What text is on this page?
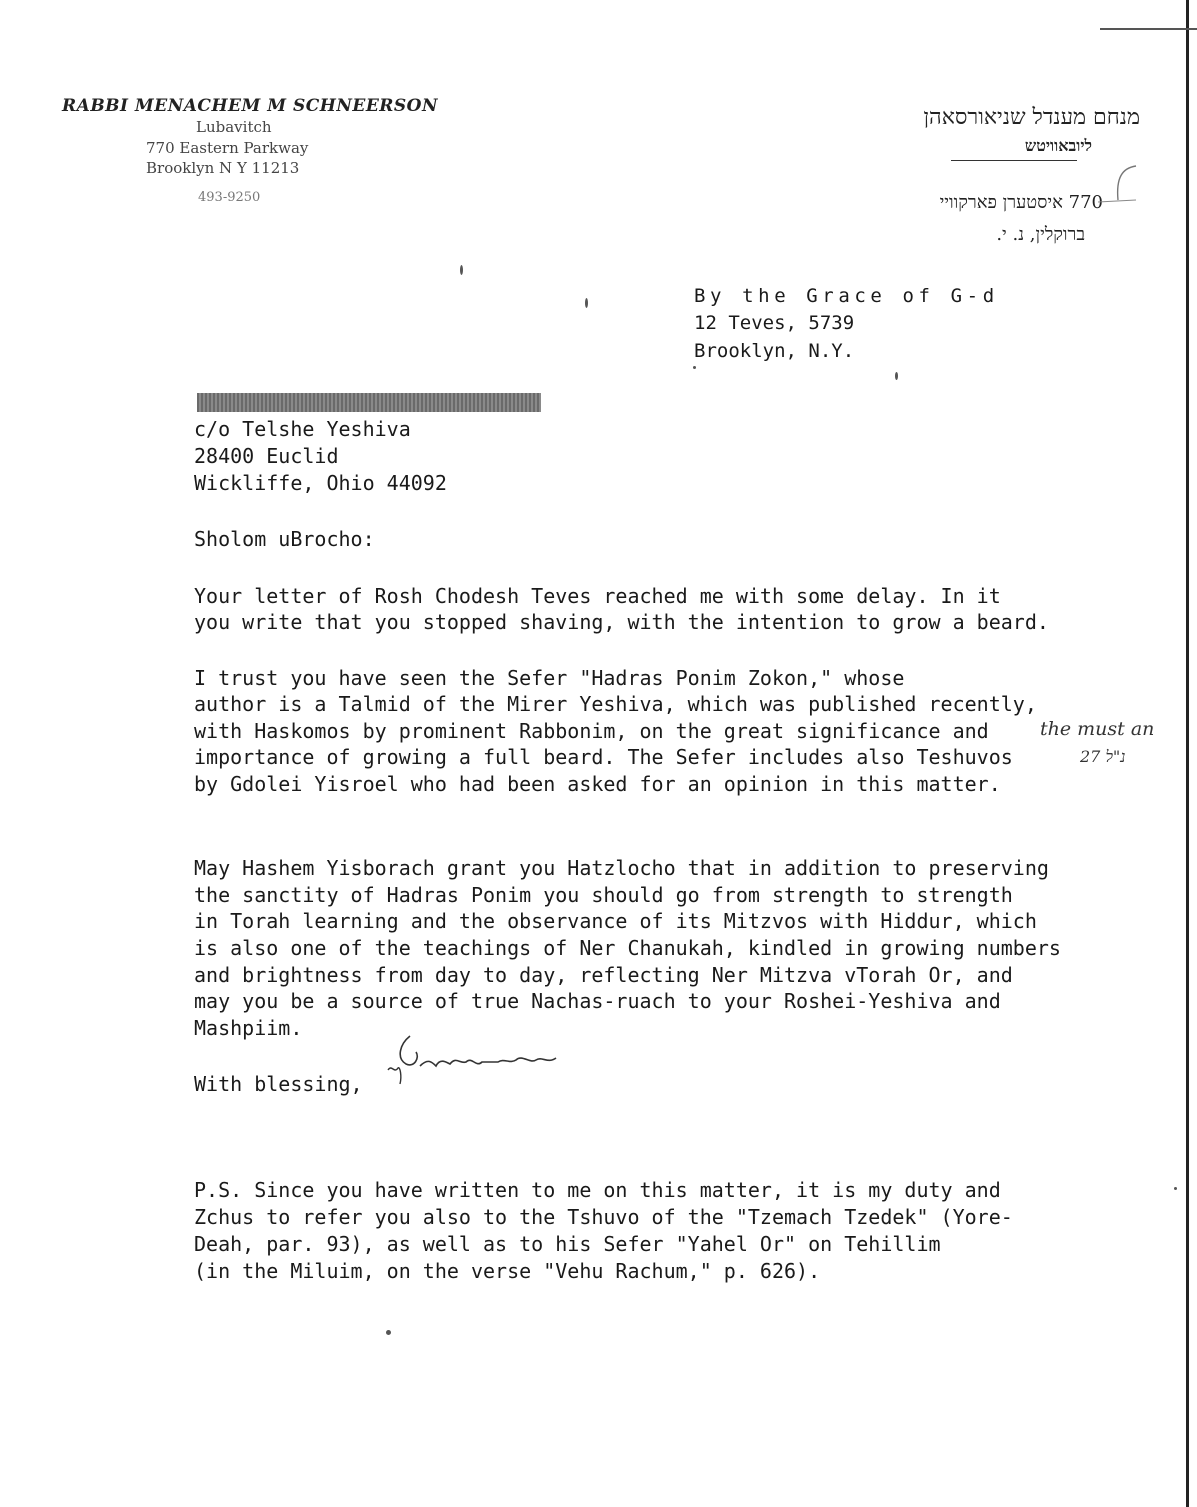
RABBI MENACHEM M SCHNEERSON
Lubavitch
770 Eastern Parkway
Brooklyn N Y 11213
493-9250
מנחם מענדל שניאורסאהן
ליובאוויטש
770 איסטערן פארקוויי
ברוקלין, נ. י.
By the Grace of G-d
12 Teves, 5739
Brooklyn, N.Y.
c/o Telshe Yeshiva
28400 Euclid
Wickliffe, Ohio 44092
Sholom uBrocho:
Your letter of Rosh Chodesh Teves reached me with some delay. In it
you write that you stopped shaving, with the intention to grow a beard.
I trust you have seen the Sefer "Hadras Ponim Zokon," whose
author is a Talmid of the Mirer Yeshiva, which was published recently,
with Haskomos by prominent Rabbonim, on the great significance and
importance of growing a full beard. The Sefer includes also Teshuvos
by Gdolei Yisroel who had been asked for an opinion in this matter.
the must an
נ"ל 27
May Hashem Yisborach grant you Hatzlocho that in addition to preserving
the sanctity of Hadras Ponim you should go from strength to strength
in Torah learning and the observance of its Mitzvos with Hiddur, which
is also one of the teachings of Ner Chanukah, kindled in growing numbers
and brightness from day to day, reflecting Ner Mitzva vTorah Or, and
may you be a source of true Nachas-ruach to your Roshei-Yeshiva and
Mashpiim.
With blessing,
P.S. Since you have written to me on this matter, it is my duty and
Zchus to refer you also to the Tshuvo of the "Tzemach Tzedek" (Yore-
Deah, par. 93), as well as to his Sefer "Yahel Or" on Tehillim
(in the Miluim, on the verse "Vehu Rachum," p. 626).
